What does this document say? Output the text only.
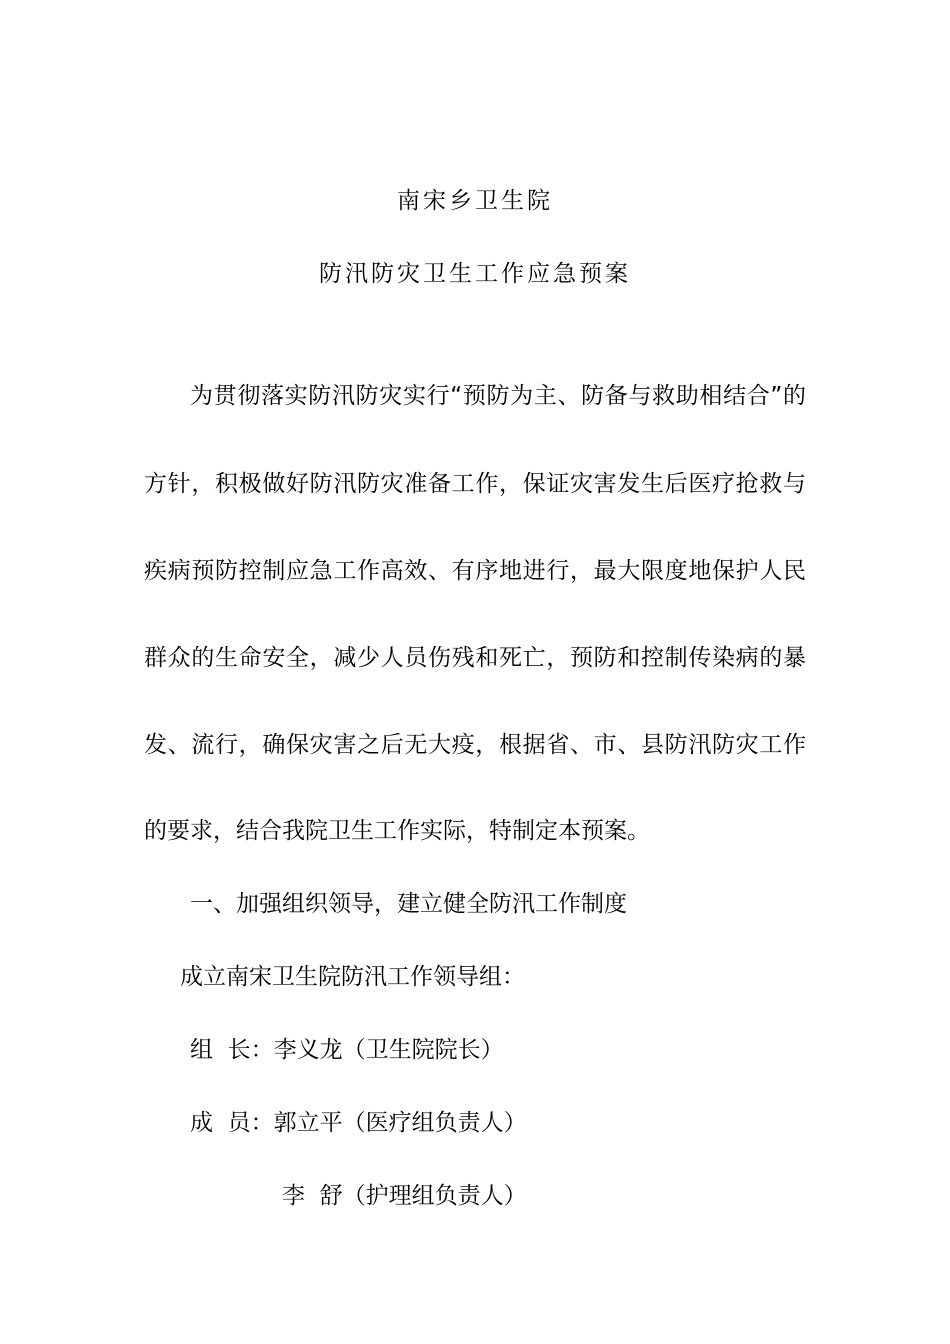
南宋乡卫生院
防汛防灾卫生工作应急预案
为贯彻落实防汛防灾实行“预防为主、防备与救助相结合”的
方针，积极做好防汛防灾准备工作，保证灾害发生后医疗抢救与
疾病预防控制应急工作高效、有序地进行，最大限度地保护人民
群众的生命安全，减少人员伤残和死亡，预防和控制传染病的暴
发、流行，确保灾害之后无大疫，根据省、市、县防汛防灾工作
的要求，结合我院卫生工作实际，特制定本预案。
一、加强组织领导，建立健全防汛工作制度
成立南宋卫生院防汛工作领导组：
组  长：李义龙（卫生院院长）
成  员：郭立平（医疗组负责人）
李  舒（护理组负责人）
